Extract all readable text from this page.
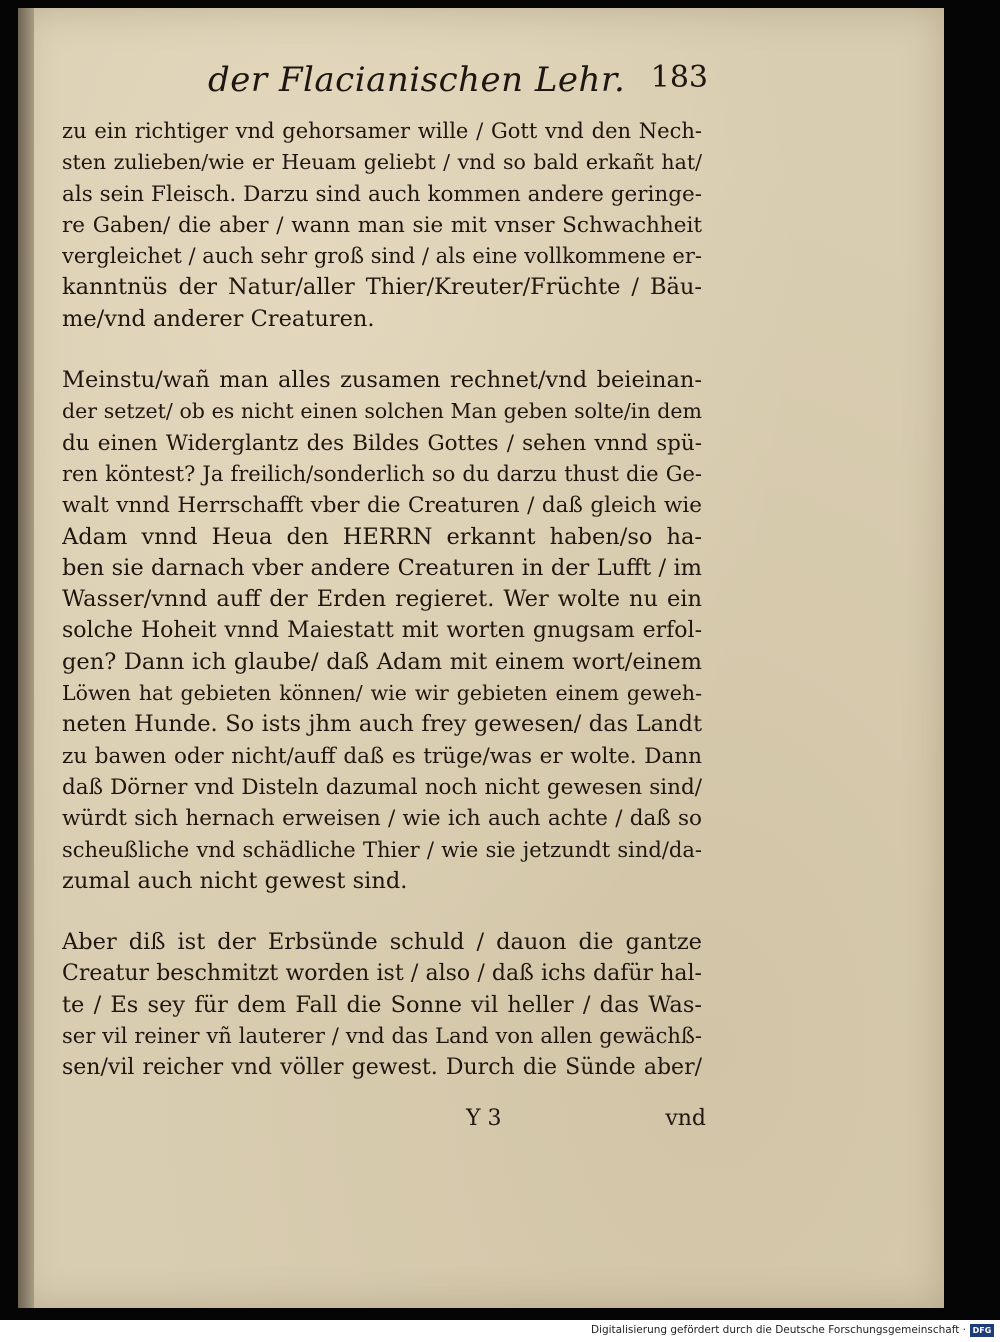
der Flacianischen Lehr. 183

zu ein richtiger vnd gehorsamer wille / Gott vnd den Nech-
sten zulieben/wie er Heuam geliebt / vnd so bald erkañt hat/
als sein Fleisch. Darzu sind auch kommen andere geringe-
re Gaben/ die aber / wann man sie mit vnser Schwachheit
vergleichet / auch sehr groß sind / als eine vollkommene er-
kanntnüs der Natur/aller Thier/Kreuter/Früchte / Bäu-
me/vnd anderer Creaturen.

Meinstu/wañ man alles zusamen rechnet/vnd beieinan-
der setzet/ ob es nicht einen solchen Man geben solte/in dem
du einen Widerglantz des Bildes Gottes / sehen vnnd spü-
ren köntest? Ja freilich/sonderlich so du darzu thust die Ge-
walt vnnd Herrschafft vber die Creaturen / daß gleich wie
Adam vnnd Heua den HERRN erkannt haben/so ha-
ben sie darnach vber andere Creaturen in der Lufft / im
Wasser/vnnd auff der Erden regieret. Wer wolte nu ein
solche Hoheit vnnd Maiestatt mit worten gnugsam erfol-
gen? Dann ich glaube/ daß Adam mit einem wort/einem
Löwen hat gebieten können/ wie wir gebieten einem geweh-
neten Hunde. So ists jhm auch frey gewesen/ das Landt
zu bawen oder nicht/auff daß es trüge/was er wolte. Dann
daß Dörner vnd Disteln dazumal noch nicht gewesen sind/
würdt sich hernach erweisen / wie ich auch achte / daß so
scheußliche vnd schädliche Thier / wie sie jetzundt sind/da-
zumal auch nicht gewest sind.

Aber diß ist der Erbsünde schuld / dauon die gantze
Creatur beschmitzt worden ist / also / daß ichs dafür hal-
te / Es sey für dem Fall die Sonne vil heller / das Was-
ser vil reiner vñ lauterer / vnd das Land von allen gewächß-
sen/vil reicher vnd völler gewest. Durch die Sünde aber/

Y 3	vnd
Digitalisierung gefördert durch die Deutsche Forschungsgemeinschaft · DFG
